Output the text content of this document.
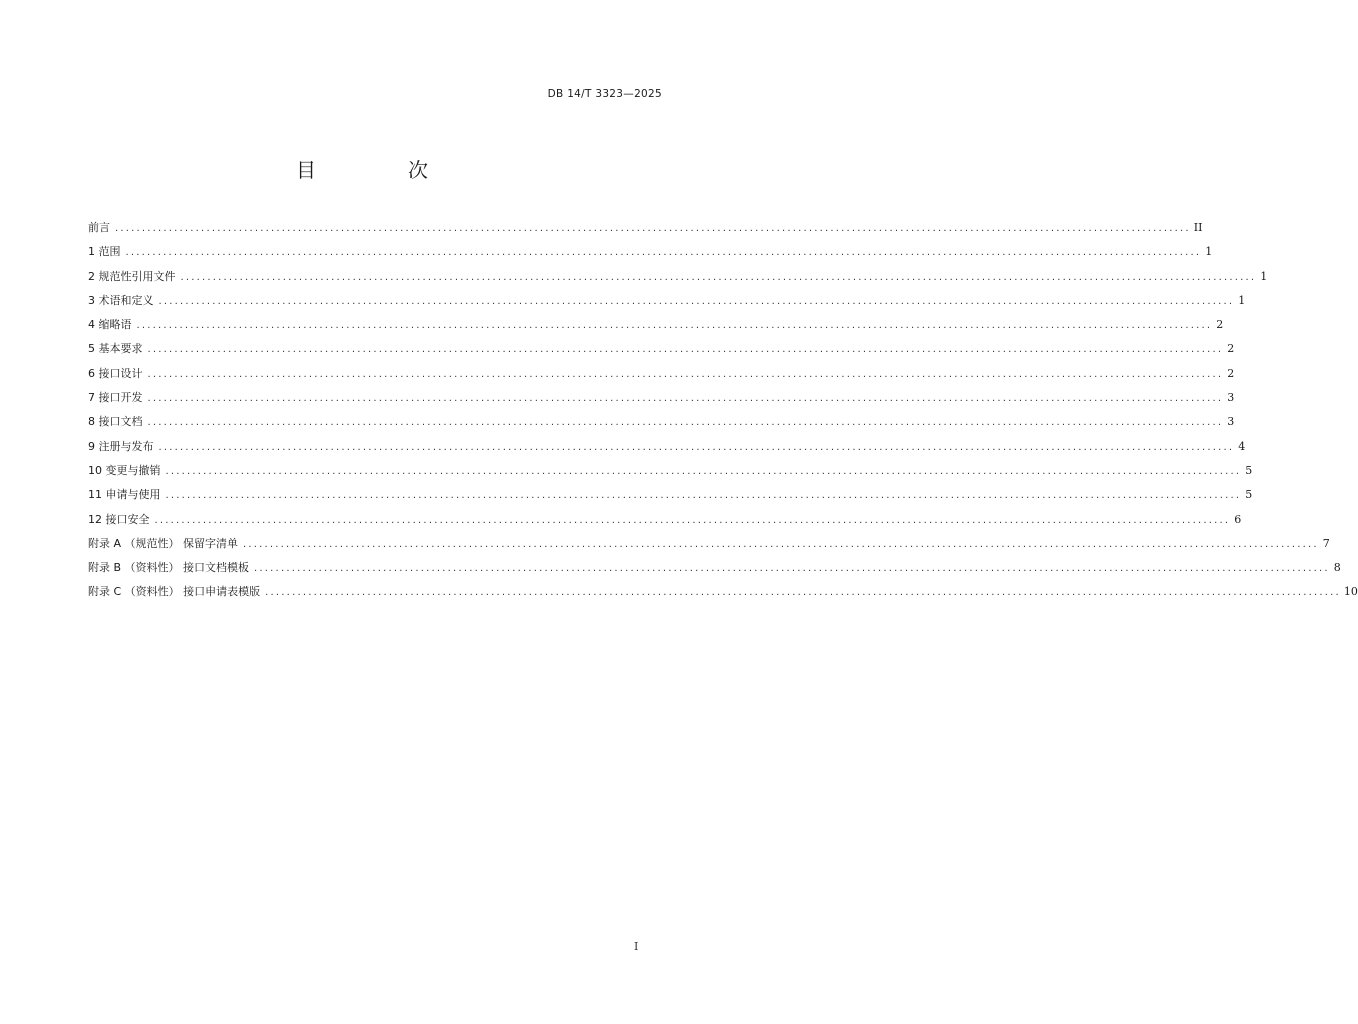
DB 14/T 3323—2025
目　次
前言 ........................................................................................................................................................................................................ II
1 范围 ........................................................................................................................................................................................................ 1
2 规范性引用文件 ........................................................................................................................................................................................................ 1
3 术语和定义 ........................................................................................................................................................................................................ 1
4 缩略语 ........................................................................................................................................................................................................ 2
5 基本要求 ........................................................................................................................................................................................................ 2
6 接口设计 ........................................................................................................................................................................................................ 2
7 接口开发 ........................................................................................................................................................................................................ 3
8 接口文档 ........................................................................................................................................................................................................ 3
9 注册与发布 ........................................................................................................................................................................................................ 4
10 变更与撤销 ........................................................................................................................................................................................................ 5
11 申请与使用 ........................................................................................................................................................................................................ 5
12 接口安全 ........................................................................................................................................................................................................ 6
附录 A （规范性） 保留字清单 ........................................................................................................................................................................................................ 7
附录 B （资料性） 接口文档模板 ........................................................................................................................................................................................................ 8
附录 C （资料性） 接口申请表模版 ........................................................................................................................................................................................................ 10
I
